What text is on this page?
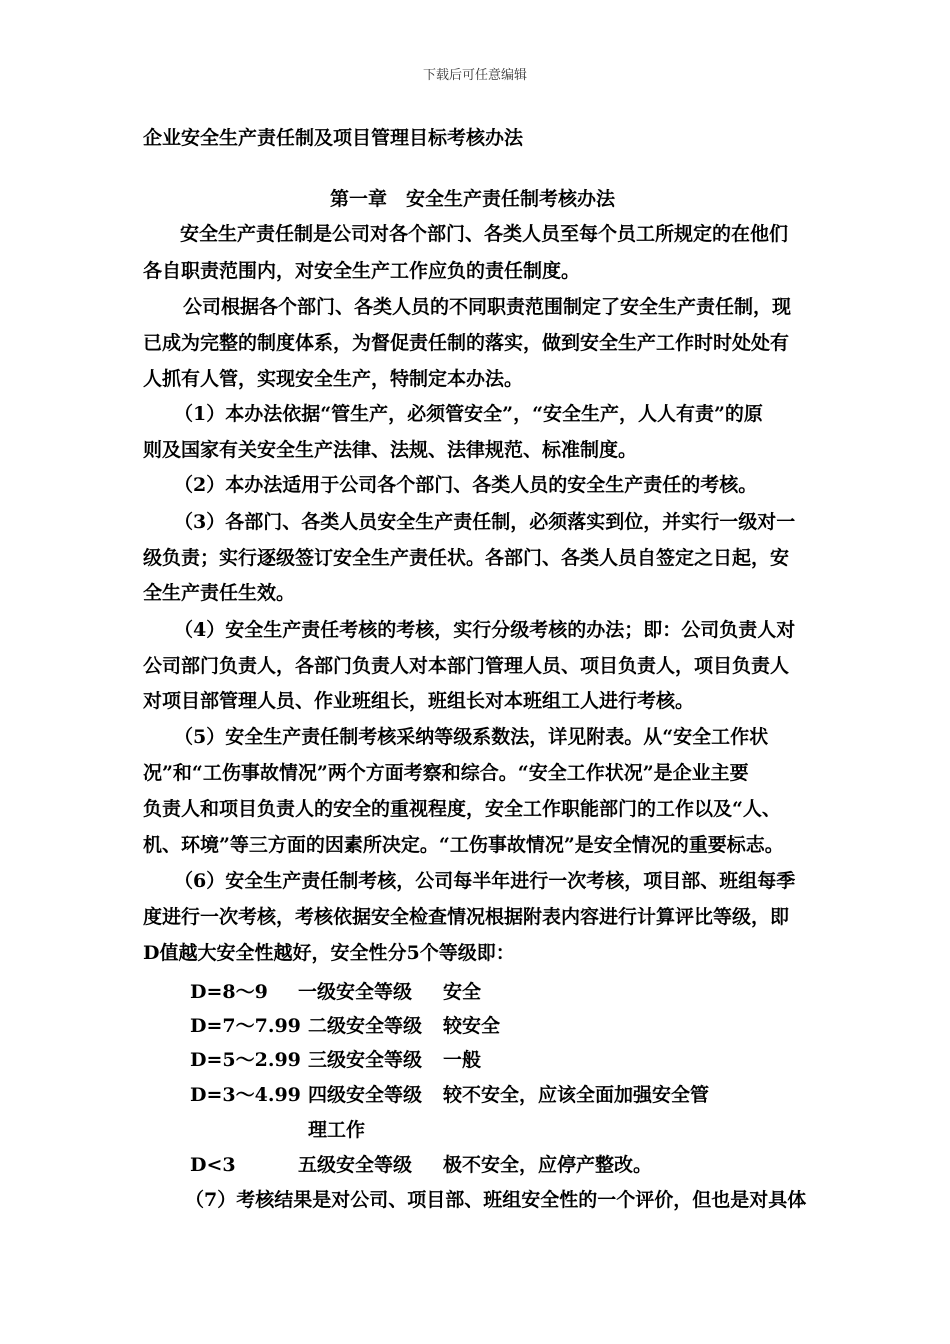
下载后可任意编辑
企业安全生产责任制及项目管理目标考核办法
第一章　安全生产责任制考核办法
安全生产责任制是公司对各个部门、各类人员至每个员工所规定的在他们
各自职责范围内，对安全生产工作应负的责任制度。
公司根据各个部门、各类人员的不同职责范围制定了安全生产责任制，现
已成为完整的制度体系，为督促责任制的落实，做到安全生产工作时时处处有
人抓有人管，实现安全生产，特制定本办法。
（1）本办法依据“管生产，必须管安全”，“安全生产，人人有责”的原
则及国家有关安全生产法律、法规、法律规范、标准制度。
（2）本办法适用于公司各个部门、各类人员的安全生产责任的考核。
（3）各部门、各类人员安全生产责任制，必须落实到位，并实行一级对一
级负责；实行逐级签订安全生产责任状。各部门、各类人员自签定之日起，安
全生产责任生效。
（4）安全生产责任考核的考核，实行分级考核的办法；即：公司负责人对
公司部门负责人，各部门负责人对本部门管理人员、项目负责人，项目负责人
对项目部管理人员、作业班组长，班组长对本班组工人进行考核。
（5）安全生产责任制考核采纳等级系数法，详见附表。从“安全工作状
况”和“工伤事故情况”两个方面考察和综合。“安全工作状况”是企业主要
负责人和项目负责人的安全的重视程度，安全工作职能部门的工作以及“人、
机、环境”等三方面的因素所决定。“工伤事故情况”是安全情况的重要标志。
（6）安全生产责任制考核，公司每半年进行一次考核，项目部、班组每季
度进行一次考核，考核依据安全检查情况根据附表内容进行计算评比等级，即
D值越大安全性越好，安全性分5个等级即：
D=8～9 一级安全等级 安全
D=7～7.99 二级安全等级 较安全
D=5～2.99 三级安全等级 一般
D=3～4.99 四级安全等级 较不安全，应该全面加强安全管
理工作
D<3	五级安全等级 极不安全，应停产整改。
（7）考核结果是对公司、项目部、班组安全性的一个评价，但也是对具体
